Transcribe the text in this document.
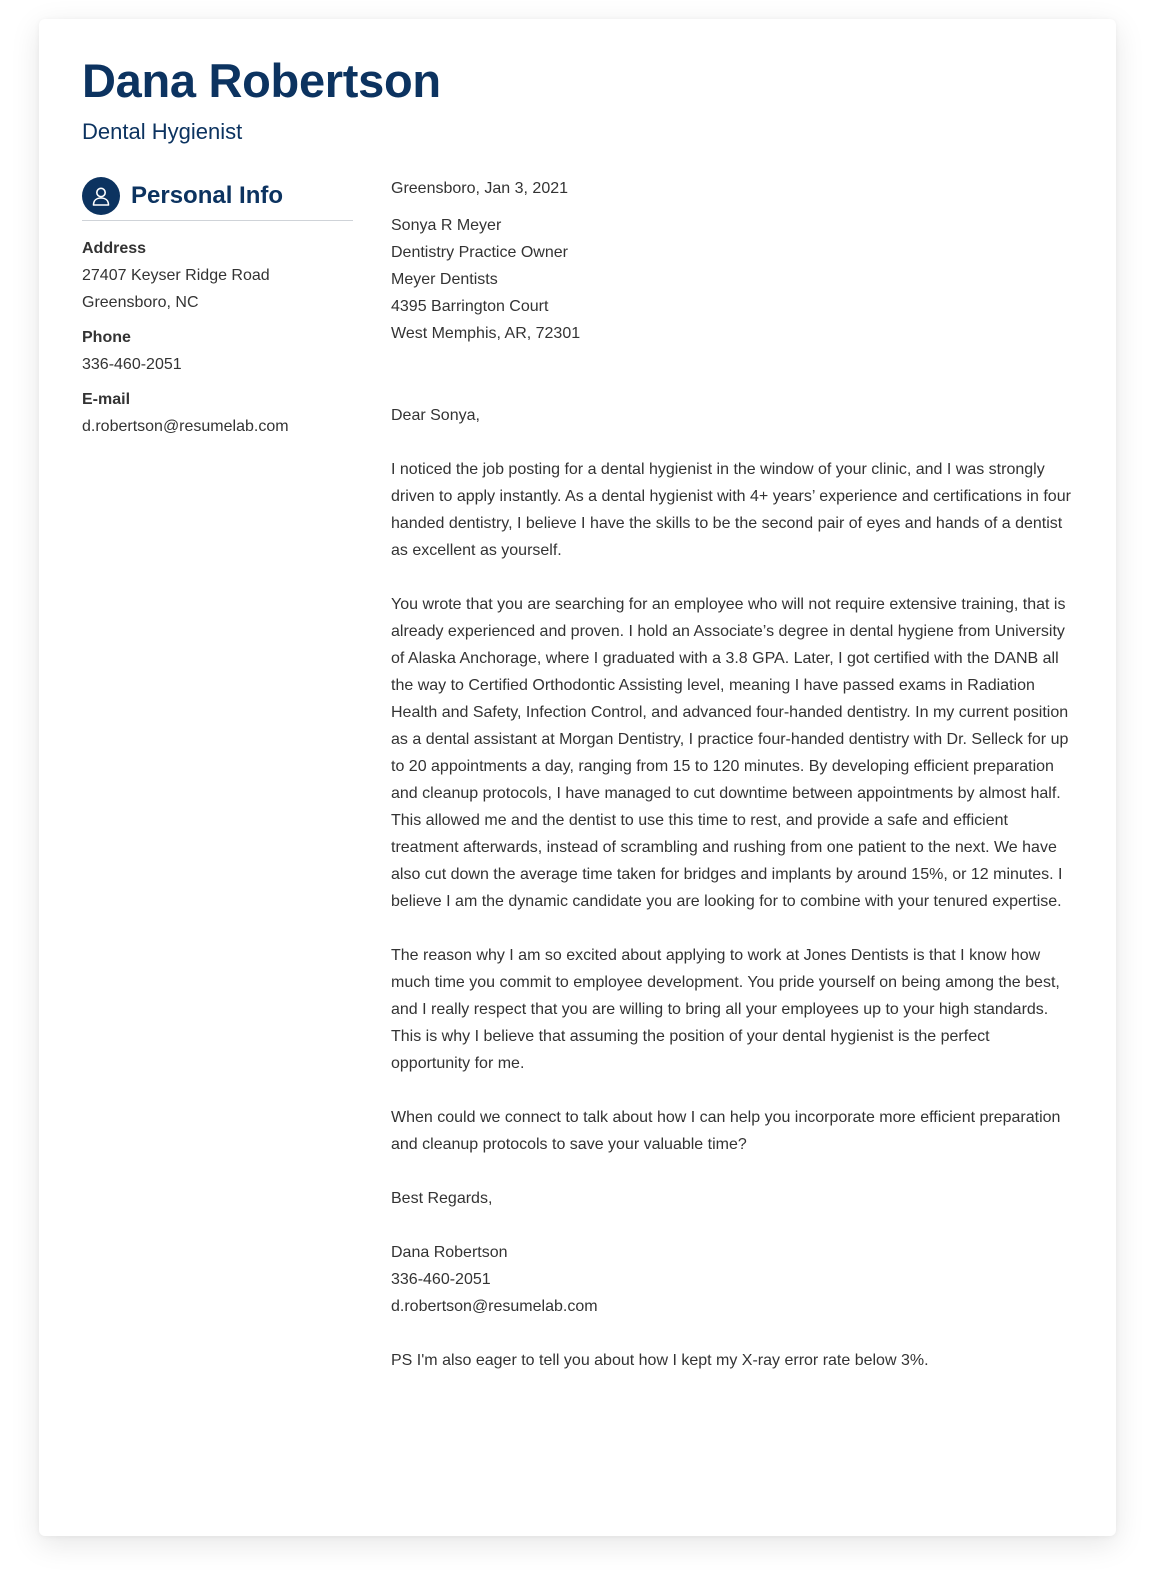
Dana Robertson
Dental Hygienist
Personal Info
Address
27407 Keyser Ridge Road
Greensboro, NC
Phone
336-460-2051
E-mail
d.robertson@resumelab.com

Greensboro, Jan 3, 2021

Sonya R Meyer

Dentistry Practice Owner

Meyer Dentists

4395 Barrington Court

West Memphis, AR, 72301

Dear Sonya,

I noticed the job posting for a dental hygienist in the window of your clinic, and I was strongly driven to apply instantly. As a dental hygienist with 4+ years’ experience and certifications in four handed dentistry, I believe I have the skills to be the second pair of eyes and hands of a dentist as excellent as yourself.

You wrote that you are searching for an employee who will not require extensive training, that is already experienced and proven. I hold an Associate’s degree in dental hygiene from University of Alaska Anchorage, where I graduated with a 3.8 GPA. Later, I got certified with the DANB all the way to Certified Orthodontic Assisting level, meaning I have passed exams in Radiation Health and Safety, Infection Control, and advanced four-handed dentistry. In my current position as a dental assistant at Morgan Dentistry, I practice four-handed dentistry with Dr. Selleck for up to 20 appointments a day, ranging from 15 to 120 minutes. By developing efficient preparation and cleanup protocols, I have managed to cut downtime between appointments by almost half. This allowed me and the dentist to use this time to rest, and provide a safe and efficient treatment afterwards, instead of scrambling and rushing from one patient to the next. We have also cut down the average time taken for bridges and implants by around 15%, or 12 minutes. I believe I am the dynamic candidate you are looking for to combine with your tenured expertise.

The reason why I am so excited about applying to work at Jones Dentists is that I know how much time you commit to employee development. You pride yourself on being among the best, and I really respect that you are willing to bring all your employees up to your high standards. This is why I believe that assuming the position of your dental hygienist is the perfect opportunity for me.

When could we connect to talk about how I can help you incorporate more efficient preparation and cleanup protocols to save your valuable time?

Best Regards,

Dana Robertson

336-460-2051

d.robertson@resumelab.com

PS I'm also eager to tell you about how I kept my X-ray error rate below 3%.
